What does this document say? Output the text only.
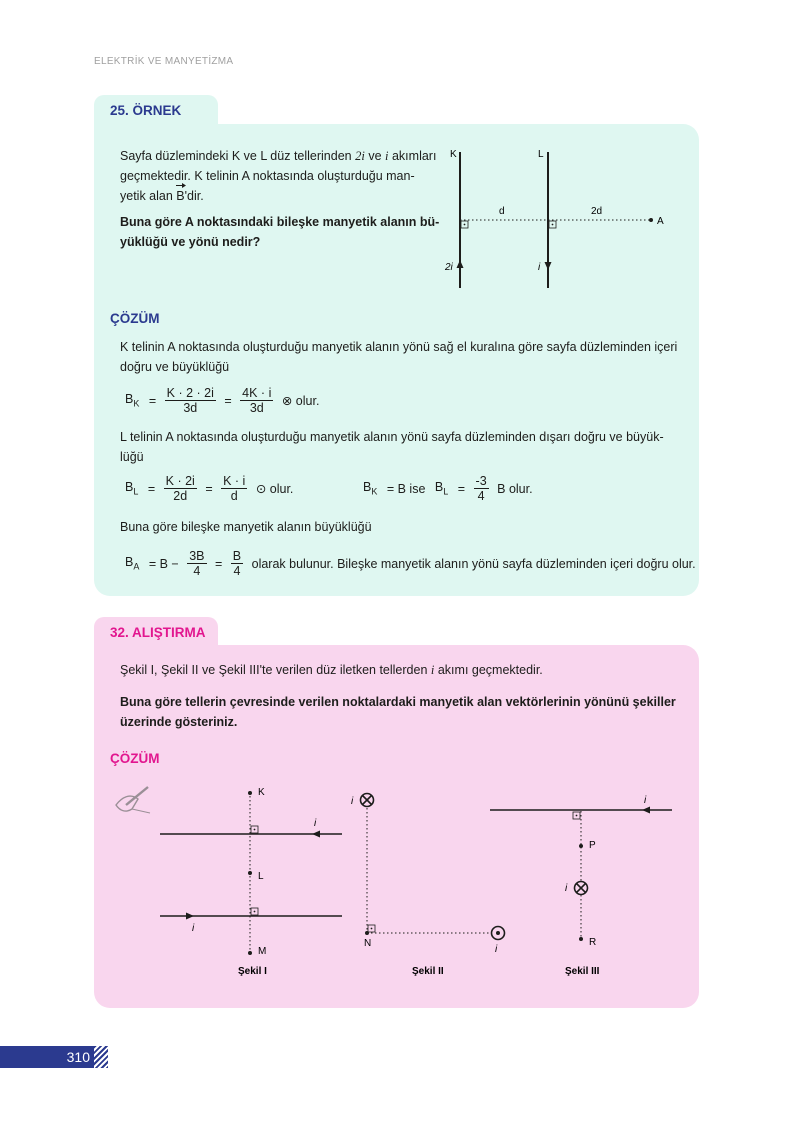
ELEKTRİK VE MANYETİZMA
25. ÖRNEK
Sayfa düzlemindeki K ve L düz tellerinden 2i ve i akımları
geçmektedir. K telinin A noktasında oluşturduğu man-
yetik alan B
'dir.
Buna göre A noktasındaki bileşke manyetik alanın bü-
yüklüğü ve yönü nedir?
K
2i
L
i
A
d	2d
ÇÖZÜM
K telinin A noktasında oluşturduğu manyetik alanın yönü sağ el kuralına göre sayfa düzleminden içeri
doğru ve büyüklüğü
$B_K = \frac{K \cdot 2 \cdot 2i}{3d} = \frac{4K \cdot i}{3d}$ ⊗ olur.
L telinin A noktasında oluşturduğu manyetik alanın yönü sayfa düzleminden dışarı doğru ve büyük-
lüğü
$B_L = \frac{K \cdot 2i}{2d} = \frac{K \cdot i}{d}$ ⊙ olur.	$B_K = B$ ise $B_L = \frac{-3}{4}$ B olur.
Buna göre bileşke manyetik alanın büyüklüğü
$B_A = B - \frac{3B}{4} = \frac{B}{4}$ olarak bulunur. Bileşke manyetik alanın yönü sayfa düzleminden içeri doğru olur.
32. ALIŞTIRMA
Şekil I, Şekil II ve Şekil III'te verilen düz iletken tellerden i akımı geçmektedir.
Buna göre tellerin çevresinde verilen noktalardaki manyetik alan vektörlerinin yönünü şekiller
üzerinde gösteriniz.
ÇÖZÜM
i
i
K
L
M
Şekil I
i
N
i
Şekil II
i
P
i
R
Şekil III
310
